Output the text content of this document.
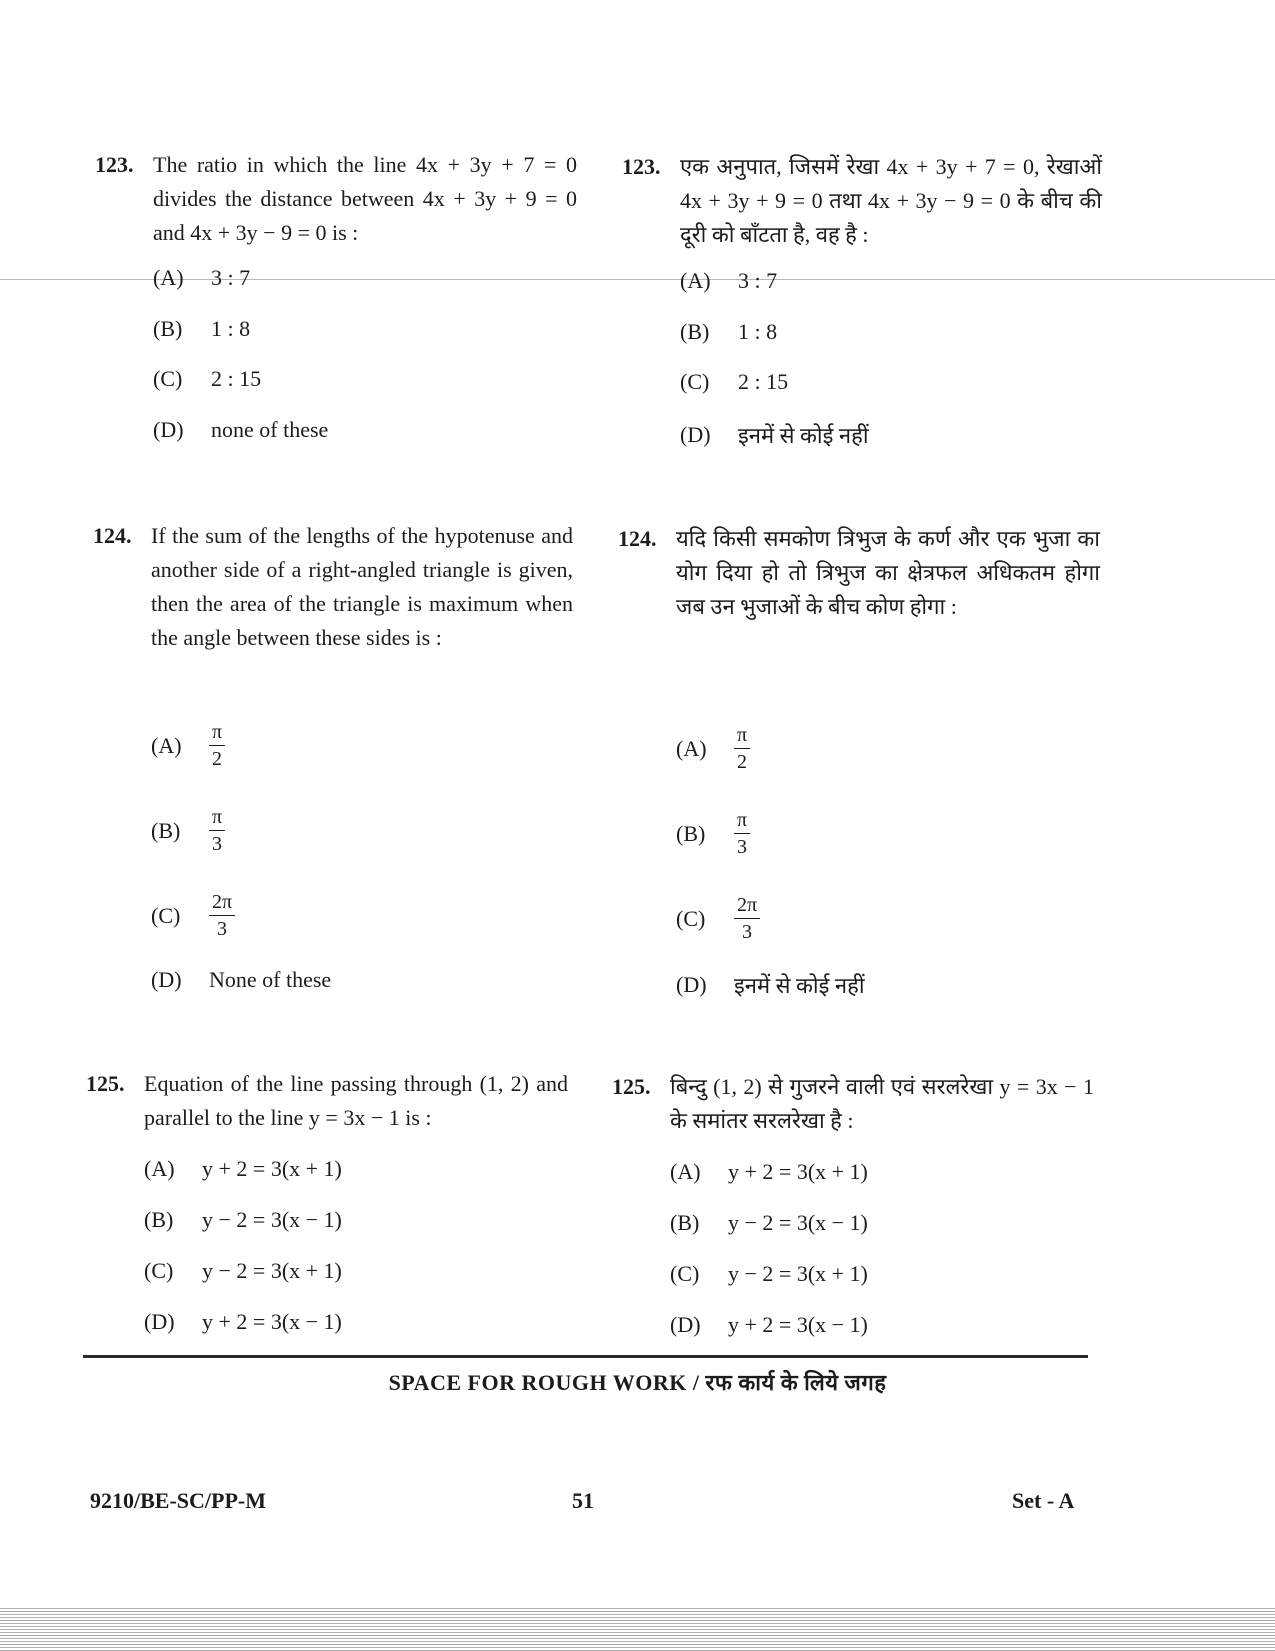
123. The ratio in which the line 4x + 3y + 7 = 0 divides the distance between 4x + 3y + 9 = 0 and 4x + 3y − 9 = 0 is :
(A)	3 : 7
(B)	1 : 8
(C)	2 : 15
(D)	none of these
123. एक अनुपात, जिसमें रेखा 4x + 3y + 7 = 0, रेखाओं 4x + 3y + 9 = 0 तथा 4x + 3y − 9 = 0 के बीच की दूरी को बाँटता है, वह है :
(A)	3 : 7
(B)	1 : 8
(C)	2 : 15
(D)	इनमें से कोई नहीं
124. If the sum of the lengths of the hypotenuse and another side of a right-angled triangle is given, then the area of the triangle is maximum when the angle between these sides is :
(A)	$\frac{\pi}{2}$
(B)	$\frac{\pi}{3}$
(C)	$\frac{2\pi}{3}$
(D)	None of these
124. यदि किसी समकोण त्रिभुज के कर्ण और एक भुजा का योग दिया हो तो त्रिभुज का क्षेत्रफल अधिकतम होगा जब उन भुजाओं के बीच कोण होगा :
(A)	$\frac{\pi}{2}$
(B)	$\frac{\pi}{3}$
(C)	$\frac{2\pi}{3}$
(D)	इनमें से कोई नहीं
125. Equation of the line passing through (1, 2) and parallel to the line y = 3x − 1 is :
(A)	y + 2 = 3(x + 1)
(B)	y − 2 = 3(x − 1)
(C)	y − 2 = 3(x + 1)
(D)	y + 2 = 3(x − 1)
125. बिन्दु (1, 2) से गुजरने वाली एवं सरलरेखा y = 3x − 1 के समांतर सरलरेखा है :
(A)	y + 2 = 3(x + 1)
(B)	y − 2 = 3(x − 1)
(C)	y − 2 = 3(x + 1)
(D)	y + 2 = 3(x − 1)
SPACE FOR ROUGH WORK / रफ कार्य के लिये जगह
9210/BE-SC/PP-M	51	Set - A
